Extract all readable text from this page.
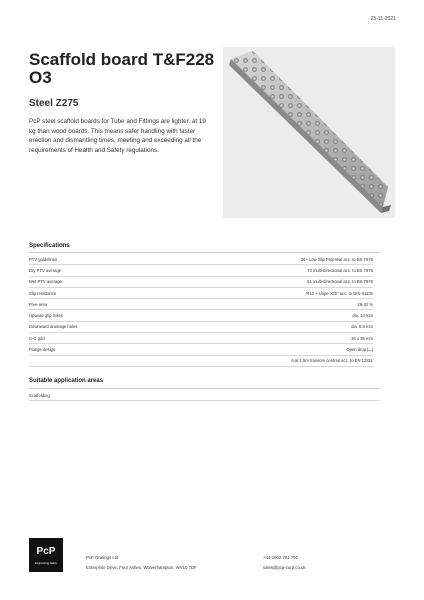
25-11-2021
Scaffold board T&F228 O3
Steel Z275

PcP steel scaffold boards for Tube and Fittings are lighter, at 19 kg than wood boards. This means safer handling with faster erection and dismantling times, meeting and exceeding all the requirements of Health and Safety regulations.

Specifications
PTV guidelines	36+ Low Slip Potential acc. to BS 7976
Dry PTV average	73 multi-directional acc. to BS 7976
Wet PTV average	51 multi-directional acc. to BS 7976
Slip resistance	R13 + slope >35° acc. to DIN 51130
Free area	28-32 %
Upward grip holes	dia. 14 mm
Downward drainage holes	dia. 8,5 mm
C-C grid	36 x 36 mm
Flange design	Open drop [⌴]
6 at 1,5m transom centres acc. to EN 12811
Suitable application areas
Scaffolding
PcP
Engineering Safety
PcP Gratings Ltd
Enterprise Drive, Four Ashes, Wolverhampton, WV10 7DF
+44-1902 791 792
sales@pcp-corp.co.uk
